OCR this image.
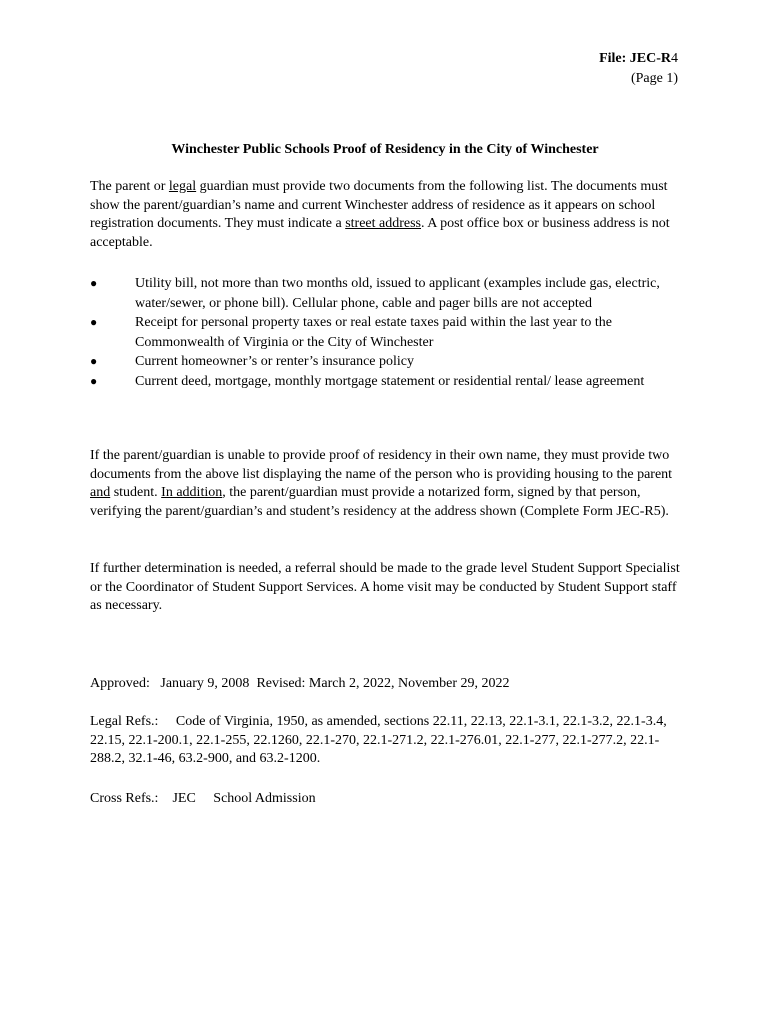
File: JEC-R4
(Page 1)
Winchester Public Schools Proof of Residency in the City of Winchester

The parent or legal guardian must provide two documents from the following list. The documents must show the parent/guardian’s name and current Winchester address of residence as it appears on school registration documents. They must indicate a street address. A post office box or business address is not acceptable.

●	Utility bill, not more than two months old, issued to applicant (examples include gas, electric, water/sewer, or phone bill). Cellular phone, cable and pager bills are not accepted
●	Receipt for personal property taxes or real estate taxes paid within the last year to the Commonwealth of Virginia or the City of Winchester
●	Current homeowner’s or renter’s insurance policy
●	Current deed, mortgage, monthly mortgage statement or residential rental/ lease agreement

If the parent/guardian is unable to provide proof of residency in their own name, they must provide two documents from the above list displaying the name of the person who is providing housing to the parent and student. In addition, the parent/guardian must provide a notarized form, signed by that person, verifying the parent/guardian’s and student’s residency at the address shown (Complete Form JEC-R5).

If further determination is needed, a referral should be made to the grade level Student Support Specialist or the Coordinator of Student Support Services. A home visit may be conducted by Student Support staff as necessary.

Approved: January 9, 2008 Revised: March 2, 2022, November 29, 2022

Legal Refs.: Code of Virginia, 1950, as amended, sections 22.11, 22.13, 22.1-3.1, 22.1-3.2, 22.1-3.4, 22.15, 22.1-200.1, 22.1-255, 22.1260, 22.1-270, 22.1-271.2, 22.1-276.01, 22.1-277, 22.1-277.2, 22.1-288.2, 32.1-46, 63.2-900, and 63.2-1200.

Cross Refs.: JEC School Admission
